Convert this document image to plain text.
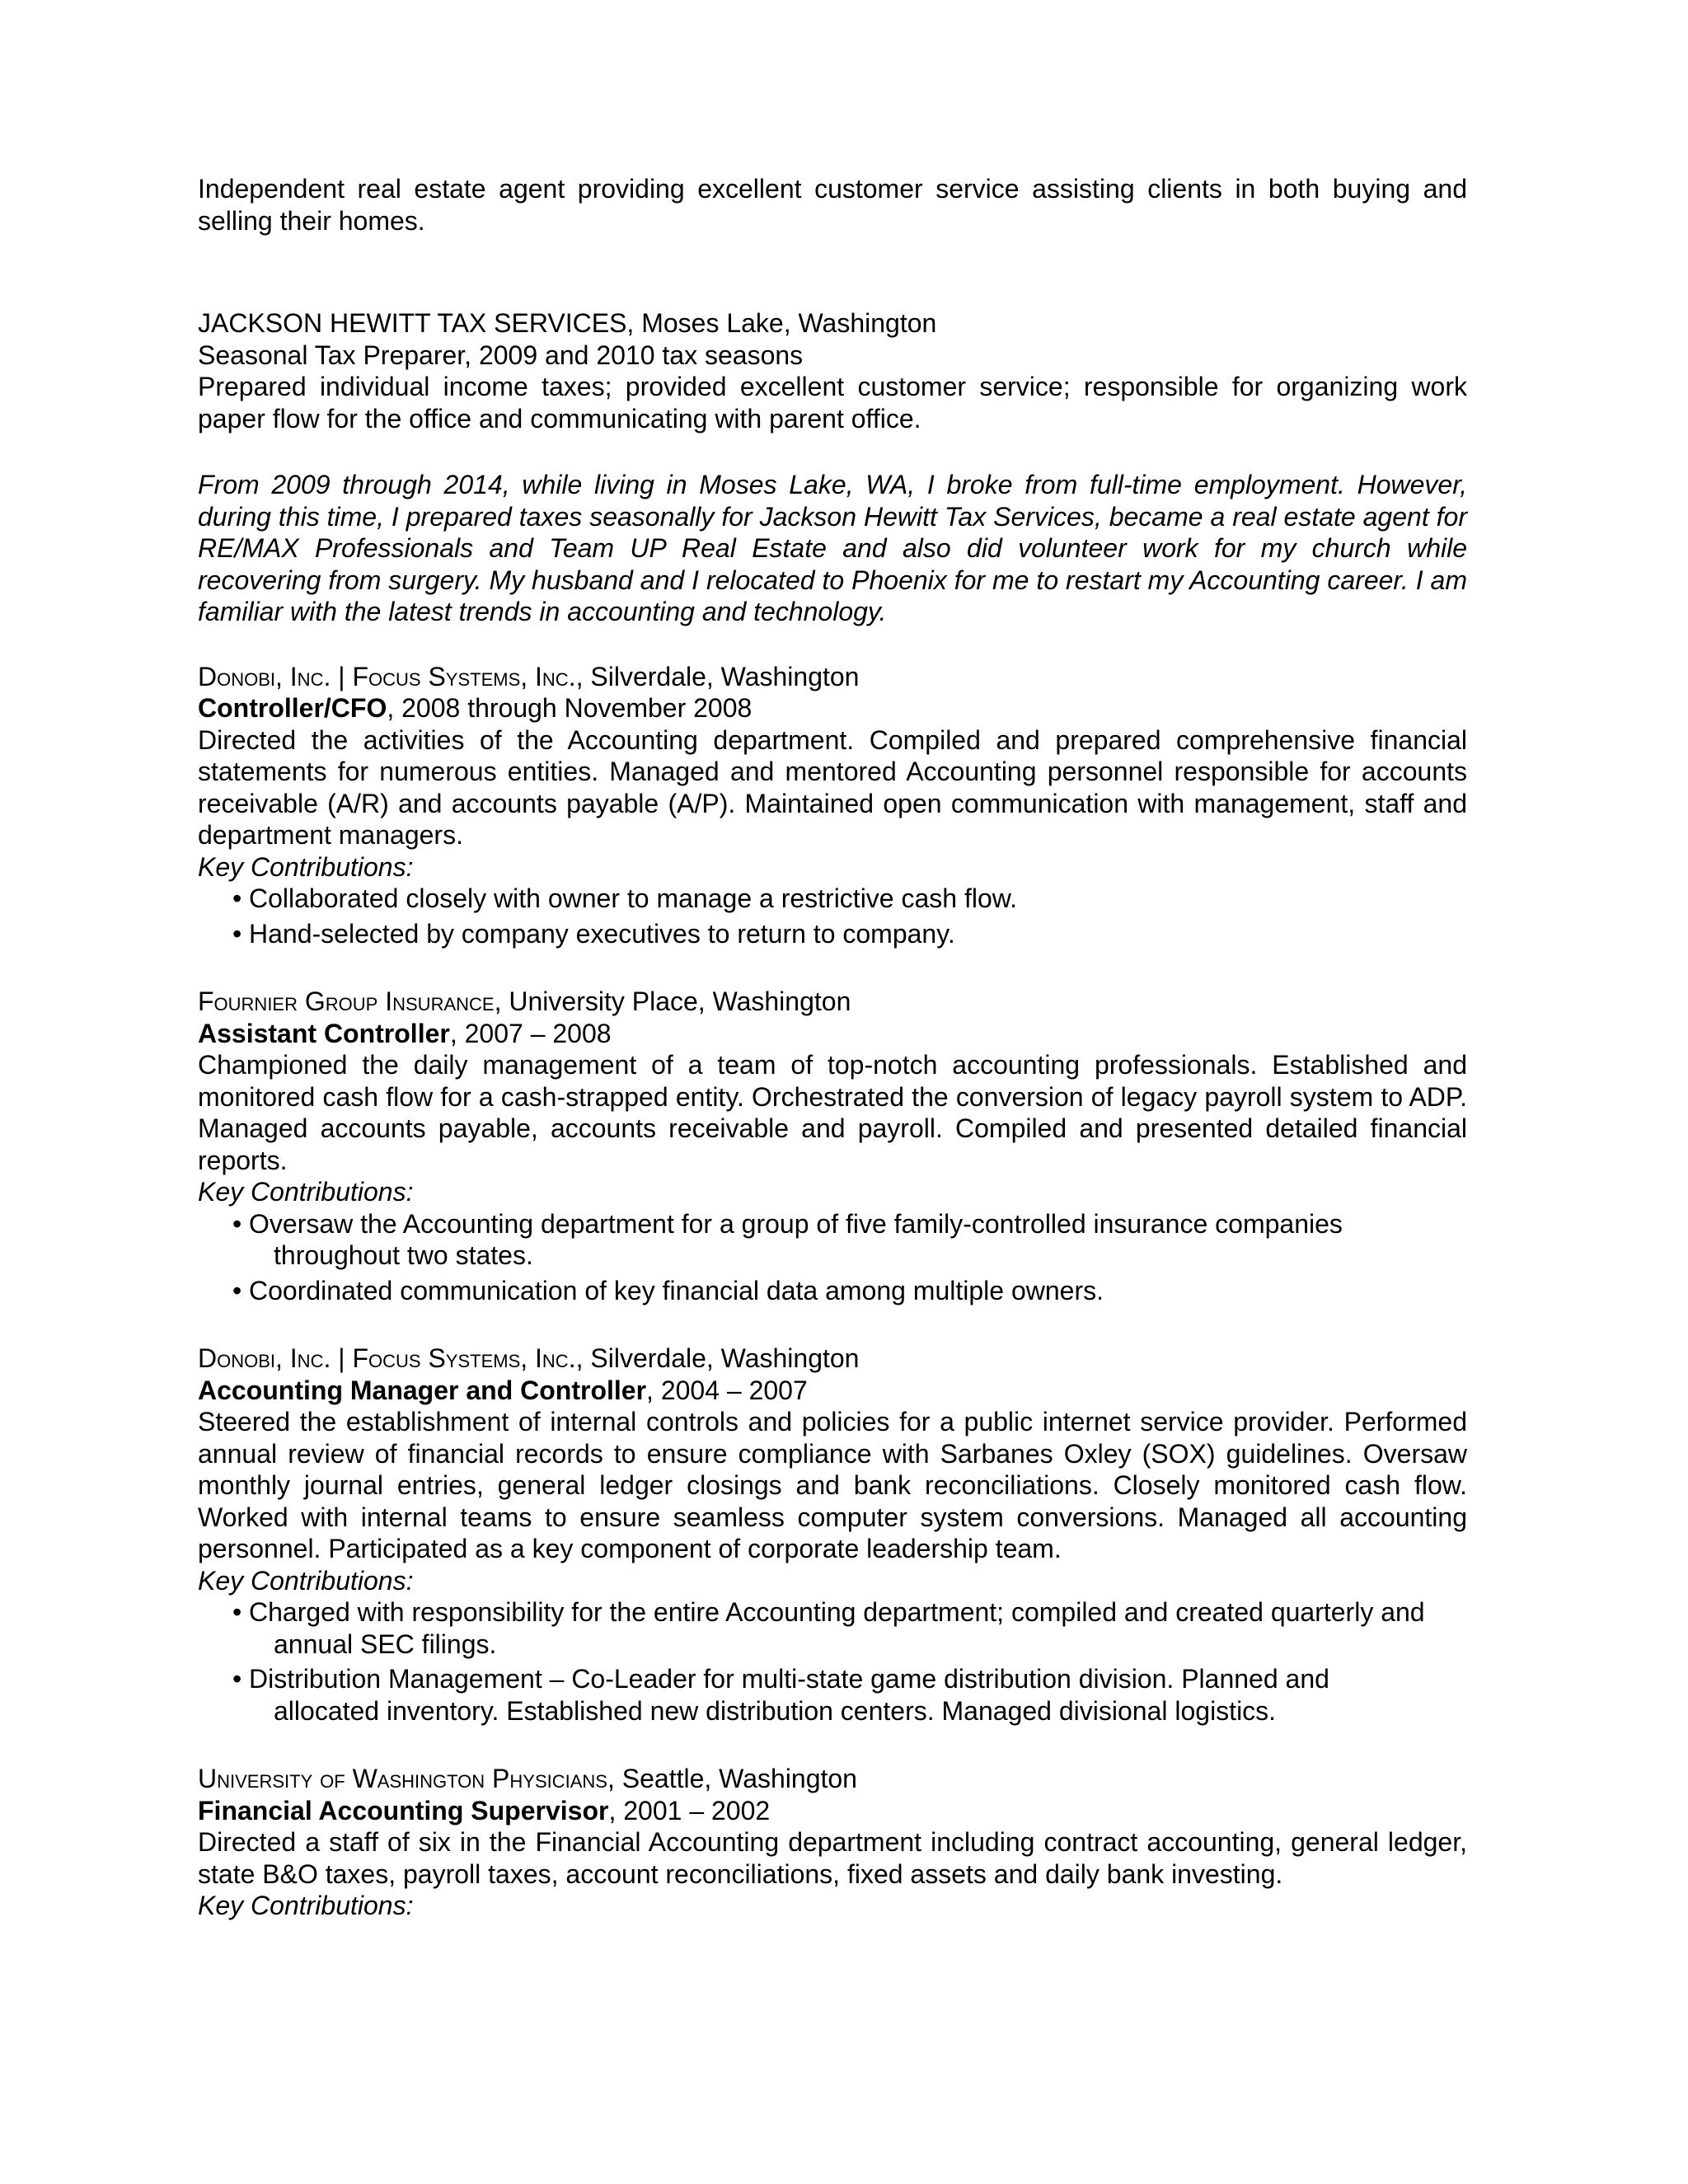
Independent real estate agent providing excellent customer service assisting clients in both buying and selling their homes.

JACKSON HEWITT TAX SERVICES, Moses Lake, Washington

Seasonal Tax Preparer, 2009 and 2010 tax seasons

Prepared individual income taxes; provided excellent customer service; responsible for organizing work paper flow for the office and communicating with parent office.

From 2009 through 2014, while living in Moses Lake, WA, I broke from full-time employment. However, during this time, I prepared taxes seasonally for Jackson Hewitt Tax Services, became a real estate agent for RE/MAX Professionals and Team UP Real Estate and also did volunteer work for my church while recovering from surgery. My husband and I relocated to Phoenix for me to restart my Accounting career. I am familiar with the latest trends in accounting and technology.

Donobi, Inc. | Focus Systems, Inc., Silverdale, Washington

Controller/CFO, 2008 through November 2008

Directed the activities of the Accounting department. Compiled and prepared comprehensive financial statements for numerous entities. Managed and mentored Accounting personnel responsible for accounts receivable (A/R) and accounts payable (A/P). Maintained open communication with management, staff and department managers.

Key Contributions:

• Collaborated closely with owner to manage a restrictive cash flow.
• Hand-selected by company executives to return to company.

Fournier Group Insurance, University Place, Washington

Assistant Controller, 2007 – 2008

Championed the daily management of a team of top-notch accounting professionals. Established and monitored cash flow for a cash-strapped entity. Orchestrated the conversion of legacy payroll system to ADP. Managed accounts payable, accounts receivable and payroll. Compiled and presented detailed financial reports.

Key Contributions:

• Oversaw the Accounting department for a group of five family-controlled insurance companies
throughout two states.
• Coordinated communication of key financial data among multiple owners.

Donobi, Inc. | Focus Systems, Inc., Silverdale, Washington

Accounting Manager and Controller, 2004 – 2007

Steered the establishment of internal controls and policies for a public internet service provider. Performed annual review of financial records to ensure compliance with Sarbanes Oxley (SOX) guidelines. Oversaw monthly journal entries, general ledger closings and bank reconciliations. Closely monitored cash flow. Worked with internal teams to ensure seamless computer system conversions. Managed all accounting personnel. Participated as a key component of corporate leadership team.

Key Contributions:

• Charged with responsibility for the entire Accounting department; compiled and created quarterly and
annual SEC filings.
• Distribution Management – Co-Leader for multi-state game distribution division. Planned and
allocated inventory. Established new distribution centers. Managed divisional logistics.

University of Washington Physicians, Seattle, Washington

Financial Accounting Supervisor, 2001 – 2002

Directed a staff of six in the Financial Accounting department including contract accounting, general ledger, state B&O taxes, payroll taxes, account reconciliations, fixed assets and daily bank investing.

Key Contributions:
